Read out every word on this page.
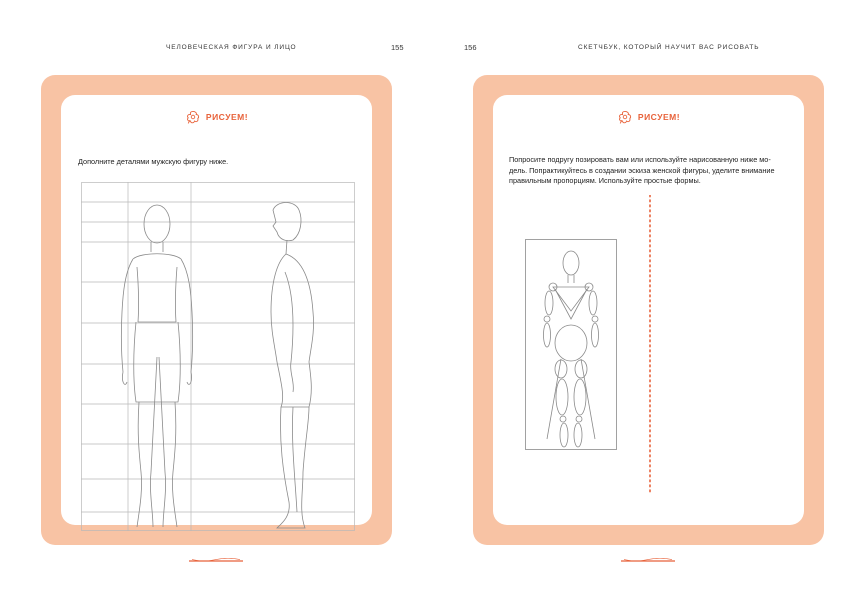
ЧЕЛОВЕЧЕСКАЯ ФИГУРА И ЛИЦО	155	156	СКЕТЧБУК, КОТОРЫЙ НАУЧИТ ВАС РИСОВАТЬ
РИСУЕМ!
Дополните деталями мужскую фигуру ниже.
РИСУЕМ!
Попросите подругу позировать вам или используйте нарисованную ниже мо-
дель. Попрактикуйтесь в создании эскиза женской фигуры, уделите внимание
правильным пропорциям. Используйте простые формы.
